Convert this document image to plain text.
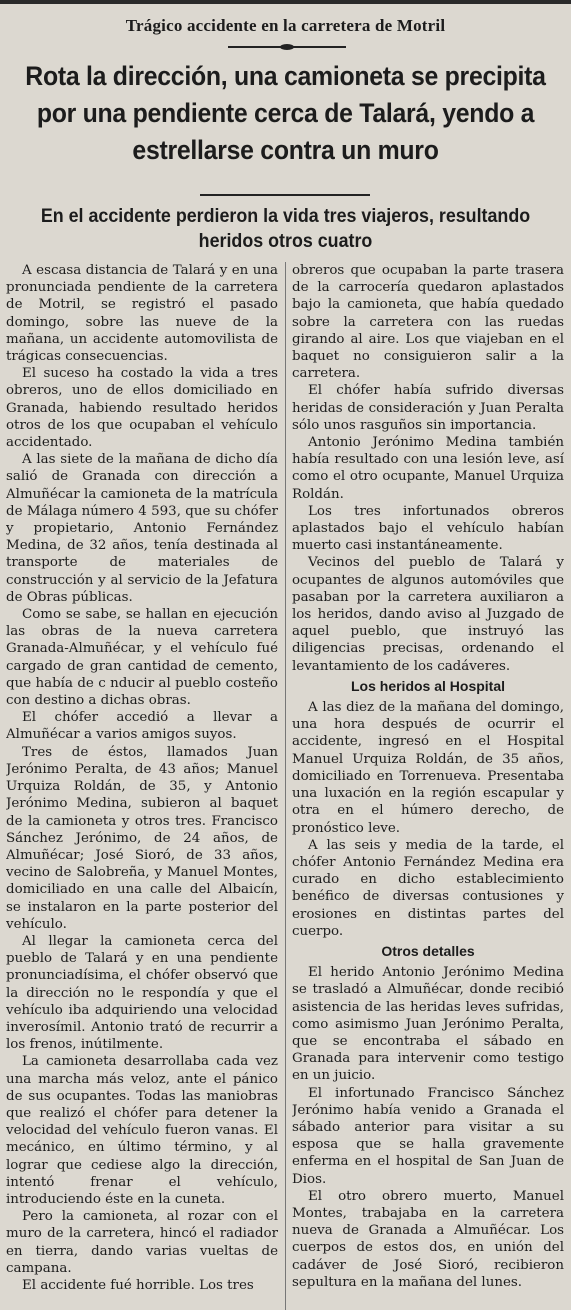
Trágico accidente en la carretera de Motril
Rota la dirección, una camioneta se precipita por una pendiente cerca de Talará, yendo a estrellarse contra un muro
En el accidente perdieron la vida tres viajeros, resultando heridos otros cuatro

A escasa distancia de Talará y en una pronunciada pendiente de la carretera de Motril, se registró el pasado domingo, sobre las nueve de la mañana, un accidente automovilista de trágicas consecuencias.

El suceso ha costado la vida a tres obreros, uno de ellos domiciliado en Granada, habiendo resultado heridos otros de los que ocupaban el vehículo accidentado.

A las siete de la mañana de dicho día salió de Granada con dirección a Almuñécar la camioneta de la matrícula de Málaga número 4 593, que su chófer y propietario, Antonio Fernández Medina, de 32 años, tenía destinada al transporte de materiales de construcción y al servicio de la Jefatura de Obras públicas.

Como se sabe, se hallan en ejecución las obras de la nueva carretera Granada-Almuñécar, y el vehículo fué cargado de gran cantidad de cemento, que había de c nducir al pueblo costeño con destino a dichas obras.

El chófer accedió a llevar a Almuñécar a varios amigos suyos.

Tres de éstos, llamados Juan Jerónimo Peralta, de 43 años; Manuel Urquiza Roldán, de 35, y Antonio Jerónimo Medina, subieron al baquet de la camioneta y otros tres. Francisco Sánchez Jerónimo, de 24 años, de Almuñécar; José Sioró, de 33 años, vecino de Salobreña, y Manuel Montes, domiciliado en una calle del Albaicín, se instalaron en la parte posterior del vehículo.

Al llegar la camioneta cerca del pueblo de Talará y en una pendiente pronunciadísima, el chófer observó que la dirección no le respondía y que el vehículo iba adquiriendo una velocidad inverosímil. Antonio trató de recurrir a los frenos, inútilmente.

La camioneta desarrollaba cada vez una marcha más veloz, ante el pánico de sus ocupantes. Todas las maniobras que realizó el chófer para detener la velocidad del vehículo fueron vanas. El mecánico, en último término, y al lograr que cediese algo la dirección, intentó frenar el vehículo, introduciendo éste en la cuneta.

Pero la camioneta, al rozar con el muro de la carretera, hincó el radiador en tierra, dando varias vueltas de campana.

El accidente fué horrible. Los tres

obreros que ocupaban la parte trasera de la carrocería quedaron aplastados bajo la camioneta, que había quedado sobre la carretera con las ruedas girando al aire. Los que viajeban en el baquet no consiguieron salir a la carretera.

El chófer había sufrido diversas heridas de consideración y Juan Peralta sólo unos rasguños sin importancia.

Antonio Jerónimo Medina también había resultado con una lesión leve, así como el otro ocupante, Manuel Urquiza Roldán.

Los tres infortunados obreros aplastados bajo el vehículo habían muerto casi instantáneamente.

Vecinos del pueblo de Talará y ocupantes de algunos automóviles que pasaban por la carretera auxiliaron a los heridos, dando aviso al Juzgado de aquel pueblo, que instruyó las diligencias precisas, ordenando el levantamiento de los cadáveres.

Los heridos al Hospital

A las diez de la mañana del domingo, una hora después de ocurrir el accidente, ingresó en el Hospital Manuel Urquiza Roldán, de 35 años, domiciliado en Torrenueva. Presentaba una luxación en la región escapular y otra en el húmero derecho, de pronóstico leve.

A las seis y media de la tarde, el chófer Antonio Fernández Medina era curado en dicho establecimiento benéfico de diversas contusiones y erosiones en distintas partes del cuerpo.

Otros detalles

El herido Antonio Jerónimo Medina se trasladó a Almuñécar, donde recibió asistencia de las heridas leves sufridas, como asimismo Juan Jerónimo Peralta, que se encontraba el sábado en Granada para intervenir como testigo en un juicio.

El infortunado Francisco Sánchez Jerónimo había venido a Granada el sábado anterior para visitar a su esposa que se halla gravemente enferma en el hospital de San Juan de Dios.

El otro obrero muerto, Manuel Montes, trabajaba en la carretera nueva de Granada a Almuñécar. Los cuerpos de estos dos, en unión del cadáver de José Sioró, recibieron sepultura en la mañana del lunes.
